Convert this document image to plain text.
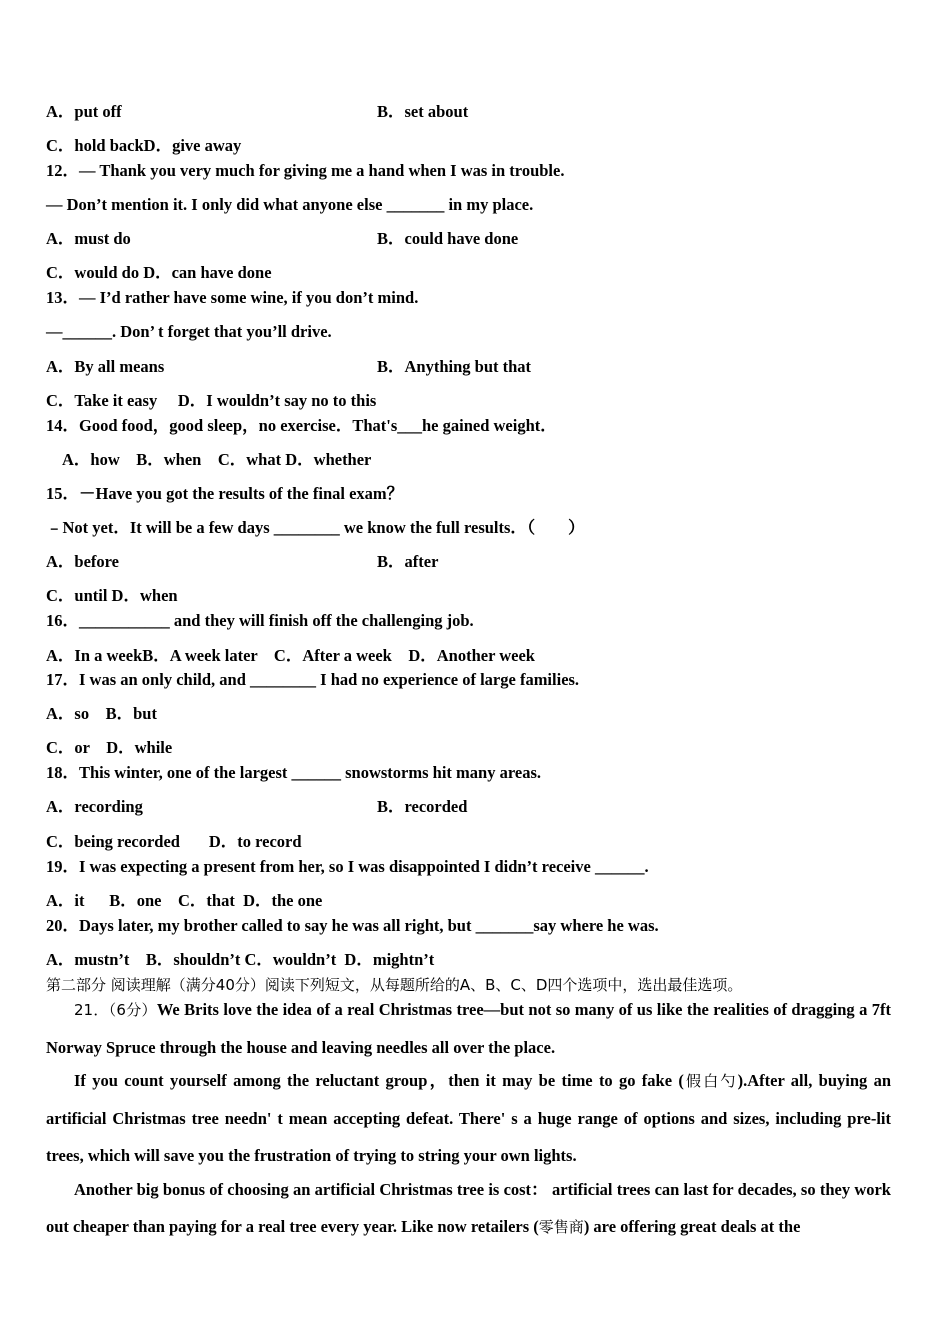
A．put off	B．set about
C．hold backD．give away
12．— Thank you very much for giving me a hand when I was in trouble.
— Don’t mention it. I only did what anyone else _______ in my place.
A．must do	B．could have done
C．would do D．can have done
13．— I’d rather have some wine, if you don’t mind.
—______. Don’ t forget that you’ll drive.
A．By all means	B．Anything but that
C．Take it easy     D．I wouldn’t say no to this
14．Good food，good sleep，no exercise．That's___he gained weight．
A．how    B．when    C．what D．whether
15．－Have you got the results of the final exam？
﹣Not yet．It will be a few days ________ we know the full results．（　　）
A．before	B．after
C．until D．when
16．___________ and they will finish off the challenging job.
A．In a weekB．A week later    C．After a week    D．Another week
17．I was an only child, and ________ I had no experience of large families.
A．so    B．but
C．or    D．while
18．This winter, one of the largest ______ snowstorms hit many areas.
A．recording	B．recorded
C．being recorded       D．to record
19．I was expecting a present from her, so I was disappointed I didn’t receive ______.
A．it      B．one    C．that  D．the one
20．Days later, my brother called to say he was all right, but _______say where he was.
A．mustn’t    B．shouldn’t C．wouldn’t  D．mightn’t
第二部分 阅读理解（满分40分）阅读下列短文，从每题所给的A、B、C、D四个选项中，选出最佳选项。
21．（6分）We Brits love the idea of a real Christmas tree—but not so many of us like the realities of dragging a 7ft Norway Spruce through the house and leaving needles all over the place.
If you count yourself among the reluctant group，then it may be time to go fake (假白勺).After all, buying an artificial Christmas tree needn' t mean accepting defeat. There' s a huge range of options and sizes, including pre-lit trees, which will save you the frustration of trying to string your own lights.
Another big bonus of choosing an artificial Christmas tree is cost： artificial trees can last for decades, so they work out cheaper than paying for a real tree every year. Like now retailers (零售商) are offering great deals at the
